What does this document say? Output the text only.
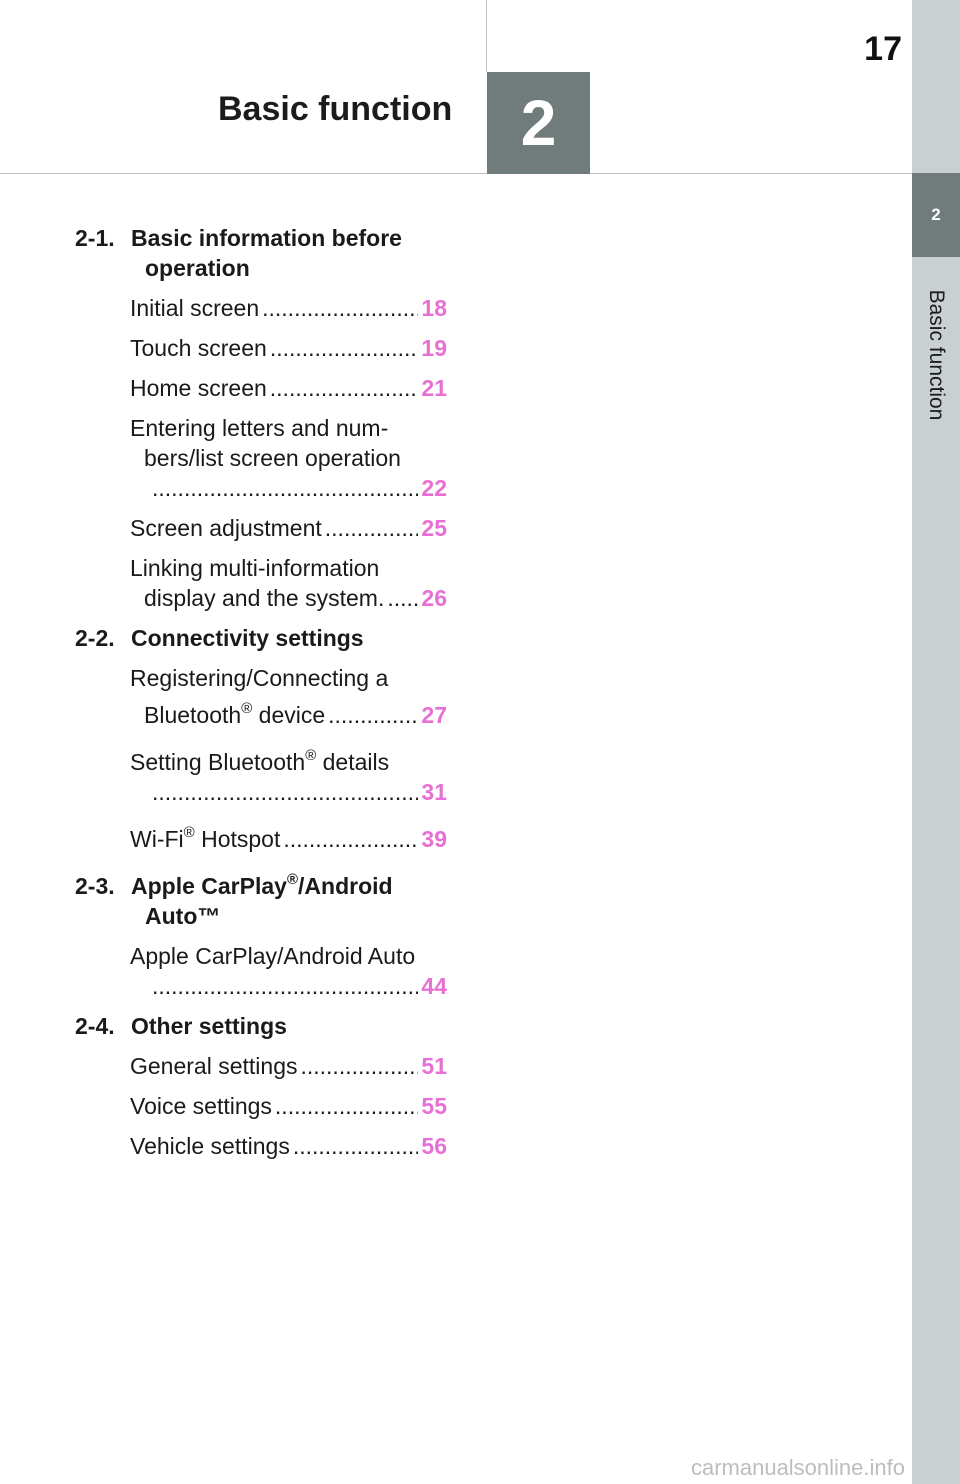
17
Basic function 2
2
Basic function
2-1. Basic information before operation
Initial screen .....	18
Touch screen .....	19
Home screen .....	21
Entering letters and num-
bers/list screen operation
.....
22
Screen adjustment .....	25
Linking multi-information
display and the system. ..... 26
2-2. Connectivity settings
Registering/Connecting a
Bluetooth® device .....	27
Setting Bluetooth® details
.....
31
Wi-Fi® Hotspot .....	39
2-3. Apple CarPlay®/Android Auto™
Apple CarPlay/Android Auto
.....
44
2-4. Other settings
General settings .....	51
Voice settings .....	55
Vehicle settings .....	56
carmanualsonline.info
